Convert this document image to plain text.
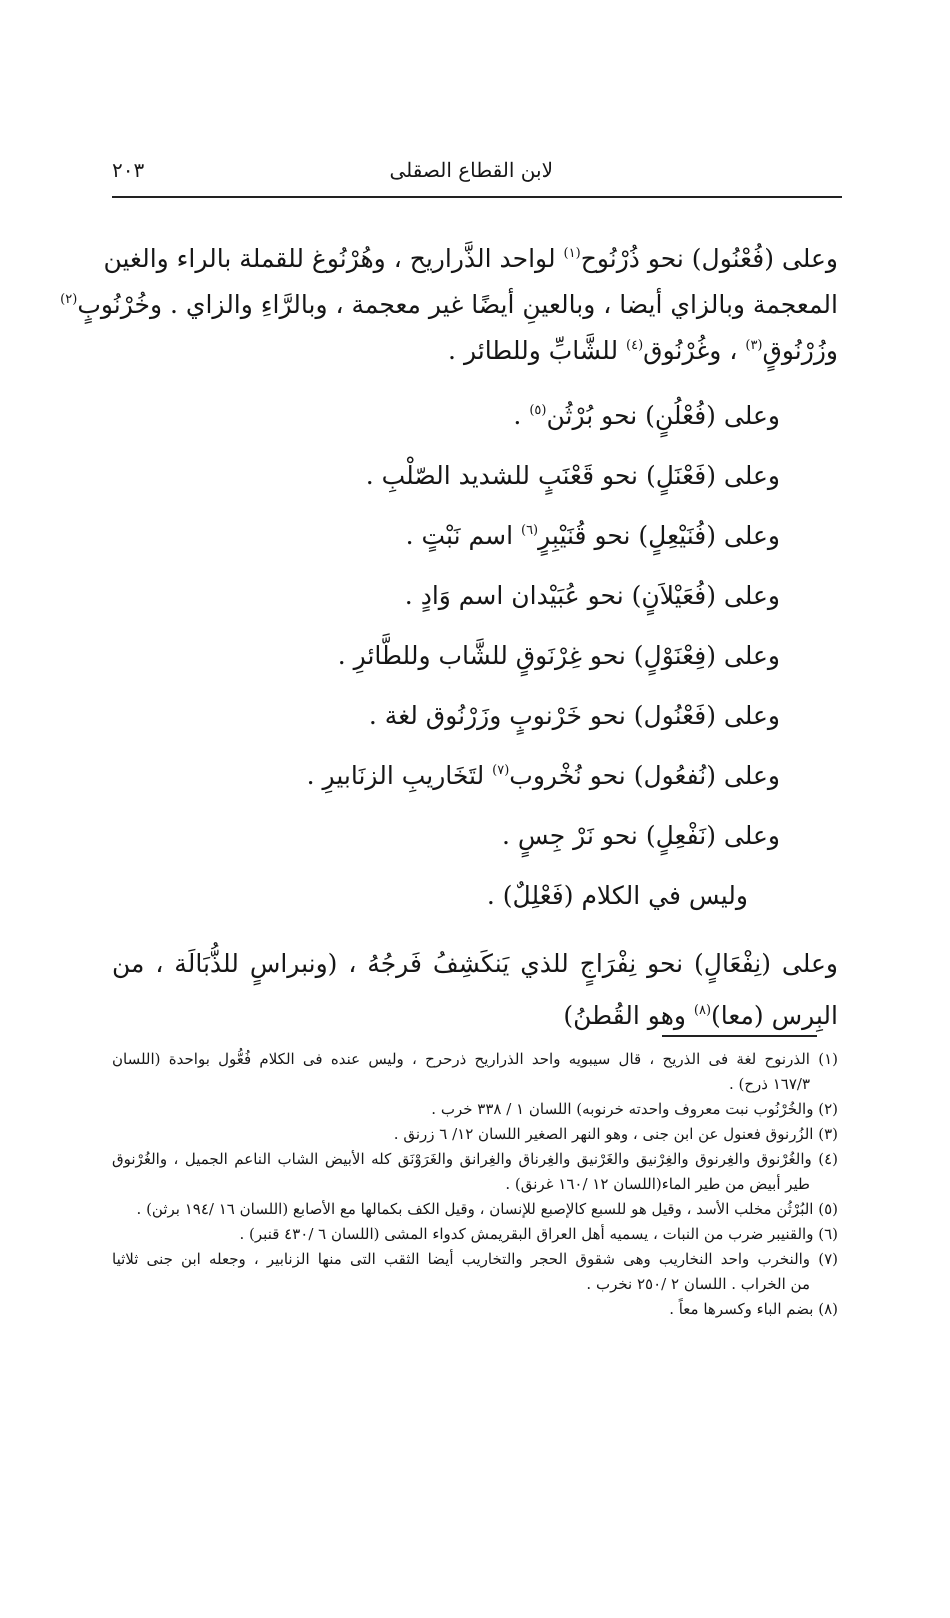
لابن القطاع الصقلى
٢٠٣
وعلى (فُعْنُول) نحو ذُرْنُوح$^{(١)}$ لواحد الذَّراريح ، وهُرْنُوغ للقملة بالراء والغين
المعجمة وبالزاي أيضا ، وبالعينِ أيضًا غير معجمة ، وبالرَّاءِ والزاي . وخُرْنُوبٍ$^{(٢)}$
وزُرْنُوقٍ$^{(٣)}$ ، وغُرْنُوق$^{(٤)}$ للشَّابِّ وللطائر .
وعلى (فُعْلُنٍ) نحو بُرْثُن$^{(٥)}$ .
وعلى (فَعْنَلٍ) نحو قَعْنَبٍ للشديد الصّلْبِ .
وعلى (فُنَيْعِلٍ) نحو قُنَيْبِرٍ$^{(٦)}$ اسم نَبْتٍ .
وعلى (فُعَيْلاَنٍ) نحو عُبَيْدان اسم وَادٍ .
وعلى (فِعْنَوْلٍ) نحو غِرْنَوقٍ للشَّاب وللطَّائرِ .
وعلى (فَعْنُول) نحو خَرْنوبٍ وزَرْنُوق لغة .
وعلى (نُفعُول) نحو نُخْروب$^{(٧)}$ لتَخَاريبِ الزنَابيرِ .
وعلى (نَفْعِلٍ) نحو نَرْ جِسٍ .
وليس في الكلام (فَعْلِلٌ) .
وعلى (نِفْعَالٍ) نحو نِفْرَاجٍ للذي يَنكَشِفُ فَرجُهُ ، (ونبراسٍ للذُّبَالَة ، من
البِرس (معا)$^{(٨)}$ وهو القُطنُ)
(١) الذرنوح لغة فى الذريح ، قال سيبويه واحد الذراريح ذرحرح ، وليس عنده فى الكلام فُعُّول بواحدة (اللسان
١٦٧/٣ ذرح) .
(٢) والخُرْنُوب نبت معروف واحدته خرنوبه) اللسان ١ / ٣٣٨ خرب .
(٣) الزُرنوق فعنول عن ابن جنى ، وهو النهر الصغير اللسان ١٢/ ٦ زرنق .
(٤) والغُرْنوق والغِرنوق والغِرْنيق والغَرْنيق والغِرناق والغِرانق والغَرَوْنَق كله الأبيض الشاب الناعم الجميل ، والغُرْنوق
طير أبيض من طير الماء(اللسان ١٢ /١٦٠ غرنق) .
(٥) البُرْثُن مخلب الأسد ، وقيل هو للسبع كالإصبع للإنسان ، وقيل الكف بكمالها مع الأصابع (اللسان ١٦ /١٩٤ برثن) .
(٦) والقنيبر ضرب من النبات ، يسميه أهل العراق البقريمش كدواء المشى (اللسان ٦ /٤٣٠ قنبر) .
(٧) والنخرب واحد النخاريب وهى شقوق الحجر والتخاريب أيضا الثقب التى منها الزنابير ، وجعله ابن جنى ثلاثيا
من الخراب . اللسان ٢ /٢٥٠ نخرب .
(٨) بضم الباء وكسرها معاً .
